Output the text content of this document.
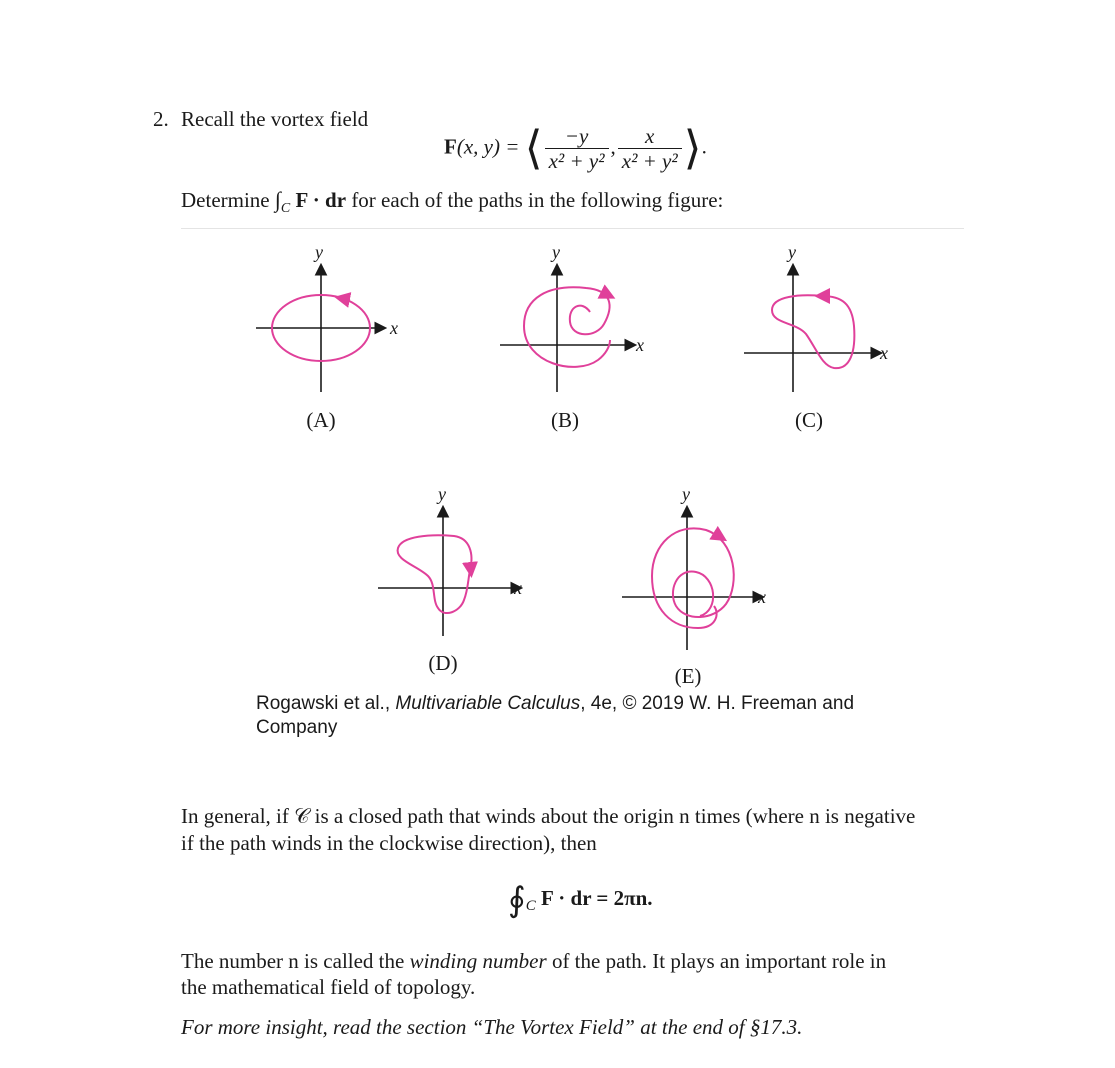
2. Recall the vortex field
F(x, y) = ⟨ $\frac{-y}{\text{x² + y²}}$ , $\frac{x}{\text{x² + y²}}$ ⟩.
Determine $\int_C$ F · dr for each of the paths in the following figure:
x
y
(A)
x
y
(B)
x
y
(C)
x
y
(D)
x
y
(E)
Rogawski et al., Multivariable Calculus, 4e, © 2019 W. H. Freeman and
Company
In general, if 𝒞 is a closed path that winds about the origin n times (where n is negative
if the path winds in the clockwise direction), then
$∮_C$ F · dr = 2πn.
The number n is called the winding number of the path. It plays an important role in
the mathematical field of topology.
For more insight, read the section “The Vortex Field” at the end of §17.3.
